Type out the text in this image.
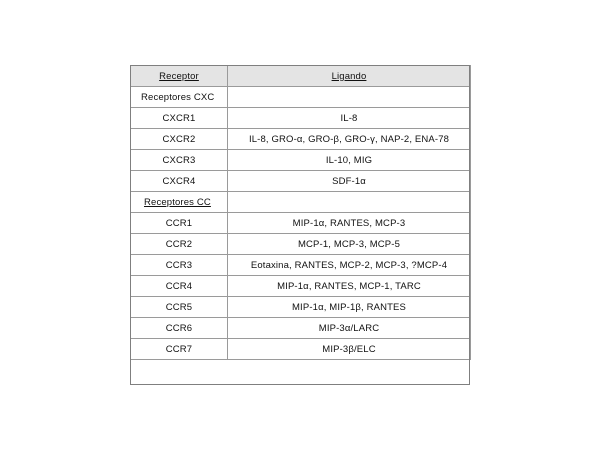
Receptor	Ligando
Receptores CXC	
CXCR1	IL-8
CXCR2	IL-8, GRO-α, GRO-β, GRO-γ, NAP-2, ENA-78
CXCR3	IL-10, MIG
CXCR4	SDF-1α
Receptores CC	
CCR1	MIP-1α, RANTES, MCP-3
CCR2	MCP-1, MCP-3, MCP-5
CCR3	Eotaxina, RANTES, MCP-2, MCP-3, ?MCP-4
CCR4	MIP-1α, RANTES, MCP-1, TARC
CCR5	MIP-1α, MIP-1β, RANTES
CCR6	MIP-3α/LARC
CCR7	MIP-3β/ELC
